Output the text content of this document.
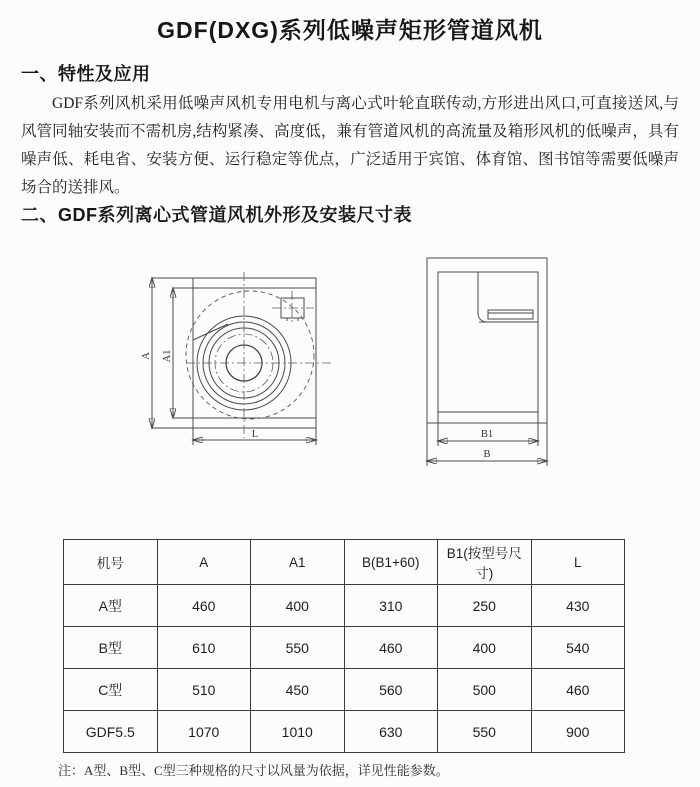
GDF(DXG)系列低噪声矩形管道风机
一、特性及应用

GDF系列风机采用低噪声风机专用电机与离心式叶轮直联传动,方形进出风口,可直接送风,与风管同轴安装而不需机房,结构紧凑、高度低，兼有管道风机的高流量及箱形风机的低噪声，具有噪声低、耗电省、安装方便、运行稳定等优点，广泛适用于宾馆、体育馆、图书馆等需要低噪声场合的送排风。

二、GDF系列离心式管道风机外形及安装尺寸表
A A1
L	B1
B
机号	A	A1	B(B1+60)	B1(按型号尺寸)	L
A型	460	400	310	250	430
B型	610	550	460	400	540
C型	510	450	560	500	460
GDF5.5	1070	1010	630	550	900

注：A型、B型、C型三种规格的尺寸以风量为依据，详见性能参数。
